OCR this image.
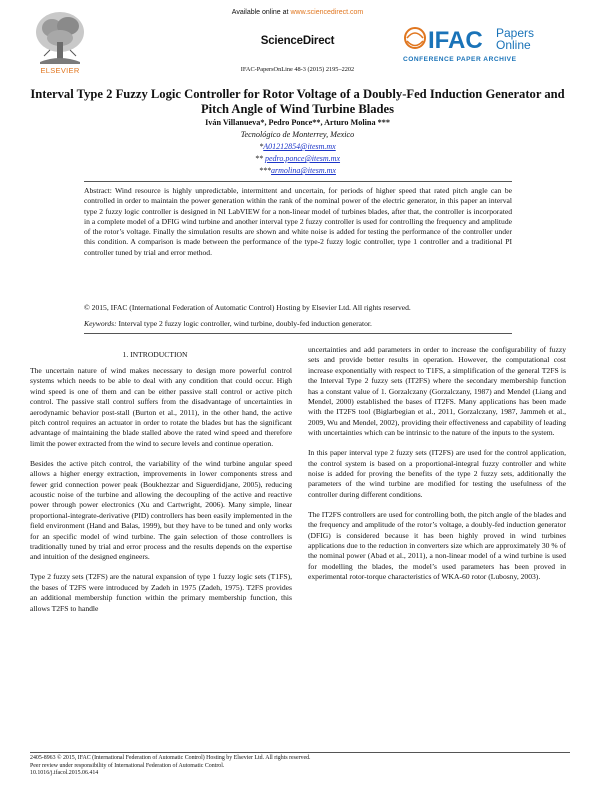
Available online at www.sciencedirect.com
ScienceDirect
IFAC-PapersOnLine 48-3 (2015) 2195–2202
ELSEVIER
IFAC Papers
Online
CONFERENCE PAPER ARCHIVE
Interval Type 2 Fuzzy Logic Controller for Rotor Voltage of a Doubly-Fed Induction Generator and Pitch Angle of Wind Turbine Blades
Iván Villanueva*, Pedro Ponce**, Arturo Molina ***
Tecnológico de Monterrey, Mexico
*A01212854@itesm.mx
** pedro.ponce@itesm.mx
***armolina@itesm.mx
Abstract: Wind resource is highly unpredictable, intermittent and uncertain, for periods of higher speed that rated pitch angle can be controlled in order to maintain the power generation within the rank of the nominal power of the electric generator, in this paper an interval type 2 fuzzy logic controller is designed in NI LabVIEW for a non-linear model of turbines blades, after that, the controller is incorporated in a complete model of a DFIG wind turbine and another interval type 2 fuzzy controller is used for controlling the frequency and amplitude of the rotor’s voltage. Finally the simulation results are shown and white noise is added for testing the performance of the controller under this condition. A comparison is made between the performance of the type-2 fuzzy logic controller, type 1 controller and a traditional PI controller tuned by trial and error method.
© 2015, IFAC (International Federation of Automatic Control) Hosting by Elsevier Ltd. All rights reserved.
Keywords: Interval type 2 fuzzy logic controller, wind turbine, doubly-fed induction generator.
1. INTRODUCTION

The uncertain nature of wind makes necessary to design more powerful control systems which needs to be able to deal with any condition that could occur. High wind speed is one of them and can be either passive stall control or active pitch control. The passive stall control suffers from the disadvantage of uncertainties in aerodynamic behavior post-stall (Burton et al., 2011), in the other hand, the active pitch control requires an actuator in order to rotate the blades but has the significant advantage of maintaining the blade stalled above the rated wind speed and therefore limit the power extracted from the wind to secure levels and continue operation.

Besides the active pitch control, the variability of the wind turbine angular speed allows a higher energy extraction, improvements in lower components stress and fewer grid connection power peak (Boukhezzar and Siguerdidjane, 2005), reducing acoustic noise of the turbine and allowing the decoupling of the active and reactive power through power electronics (Xu and Cartwright, 2006). Many simple, linear proportional-integrate-derivative (PID) controllers has been easily implemented in the field environment (Hand and Balas, 1999), but they have to be tuned and only works for an specific model of wind turbine. The gain selection of those controllers is traditionally tuned by trial and error process and the results depends on the expertise and intuition of the designed engineers.

Type 2 fuzzy sets (T2FS) are the natural expansion of type 1 fuzzy logic sets (T1FS), the bases of T2FS were introduced by Zadeh in 1975 (Zadeh, 1975). T2FS provides an additional membership function within the primary membership function, this allows T2FS to handle

uncertainties and add parameters in order to increase the configurability of fuzzy sets and provide better results in operation. However, the computational cost increase exponentially with respect to T1FS, a simplification of the general T2FS is the Interval Type 2 fuzzy sets (IT2FS) where the secondary membership function has a constant value of 1. Gorzalczany (Gorzalczany, 1987) and Mendel (Liang and Mendel, 2000) established the bases of IT2FS. Many applications has been made with the IT2FS tool (Biglarbegian et al., 2011, Gorzalczany, 1987, Jammeh et al., 2009, Wu and Mendel, 2002), providing their effectiveness and capability of leading with uncertainties which can be intrinsic to the nature of the inputs to the system.

In this paper interval type 2 fuzzy sets (IT2FS) are used for the control application, the control system is based on a proportional-integral fuzzy controller and white noise is added for proving the benefits of the type 2 fuzzy sets, additionally the parameters of the wind turbine are modified for testing the usefulness of the controller during different conditions.

The IT2FS controllers are used for controlling both, the pitch angle of the blades and the frequency and amplitude of the rotor’s voltage, a doubly-fed induction generator (DFIG) is considered because it has been highly proved in wind turbines applications due to the reduction in converters size which are approximately 30 % of the nominal power (Abad et al., 2011), a non-linear model of a wind turbine is used for modelling the blades, the model’s used parameters has been proved in experimental rotor-torque characteristics of WKA-60 rotor (Lubosny, 2003).

2405-8963 © 2015, IFAC (International Federation of Automatic Control) Hosting by Elsevier Ltd. All rights reserved.
Peer review under responsibility of International Federation of Automatic Control.
10.1016/j.ifacol.2015.06.414
